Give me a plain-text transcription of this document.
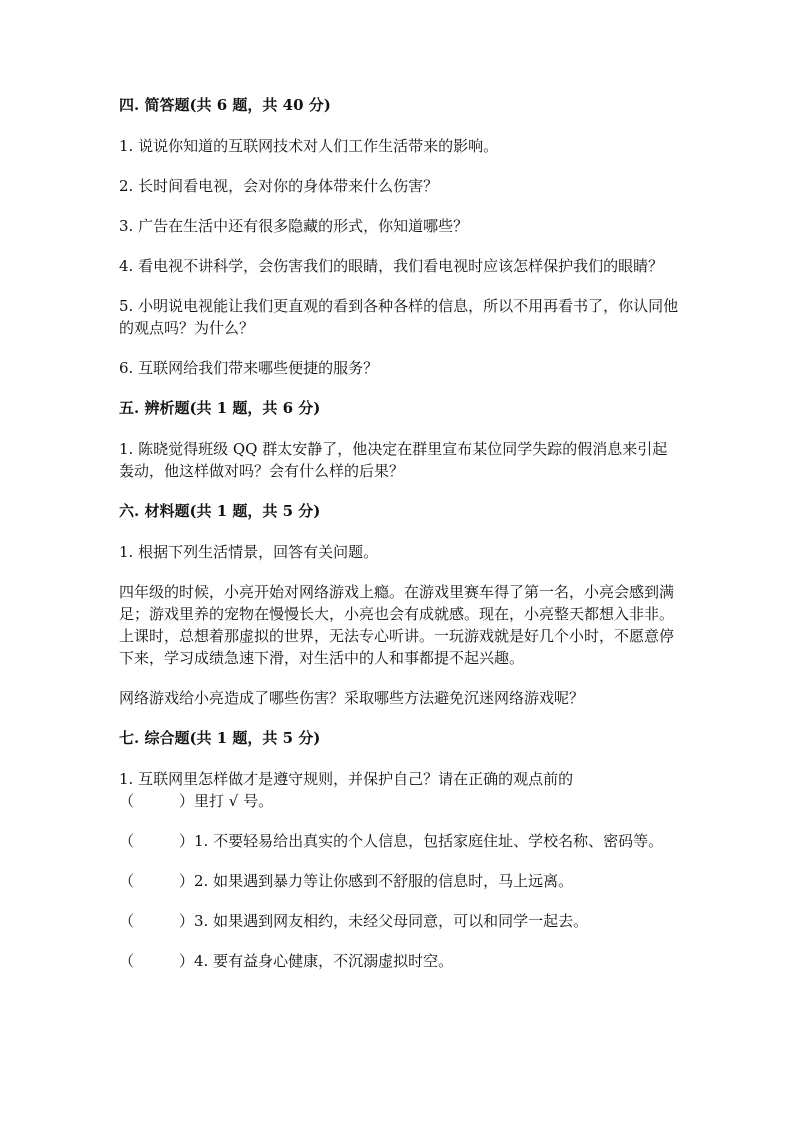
四. 简答题(共 6 题，共 40 分)
1. 说说你知道的互联网技术对人们工作生活带来的影响。
2. 长时间看电视，会对你的身体带来什么伤害？
3. 广告在生活中还有很多隐藏的形式，你知道哪些？
4. 看电视不讲科学，会伤害我们的眼睛，我们看电视时应该怎样保护我们的眼睛？
5. 小明说电视能让我们更直观的看到各种各样的信息，所以不用再看书了，你认同他的观点吗？为什么？
6. 互联网给我们带来哪些便捷的服务？
五. 辨析题(共 1 题，共 6 分)
1. 陈晓觉得班级 QQ 群太安静了，他决定在群里宣布某位同学失踪的假消息来引起轰动，他这样做对吗？会有什么样的后果？
六. 材料题(共 1 题，共 5 分)
1. 根据下列生活情景，回答有关问题。
四年级的时候，小亮开始对网络游戏上瘾。在游戏里赛车得了第一名，小亮会感到满足；游戏里养的宠物在慢慢长大，小亮也会有成就感。现在，小亮整天都想入非非。上课时，总想着那虚拟的世界，无法专心听讲。一玩游戏就是好几个小时，不愿意停下来，学习成绩急速下滑，对生活中的人和事都提不起兴趣。
网络游戏给小亮造成了哪些伤害？采取哪些方法避免沉迷网络游戏呢？
七. 综合题(共 1 题，共 5 分)
1. 互联网里怎样做才是遵守规则，并保护自己？请在正确的观点前的
（　　　）里打 √ 号。
（　　　）1. 不要轻易给出真实的个人信息，包括家庭住址、学校名称、密码等。
（　　　）2. 如果遇到暴力等让你感到不舒服的信息时，马上远离。
（　　　）3. 如果遇到网友相约，未经父母同意，可以和同学一起去。
（　　　）4. 要有益身心健康，不沉溺虚拟时空。
